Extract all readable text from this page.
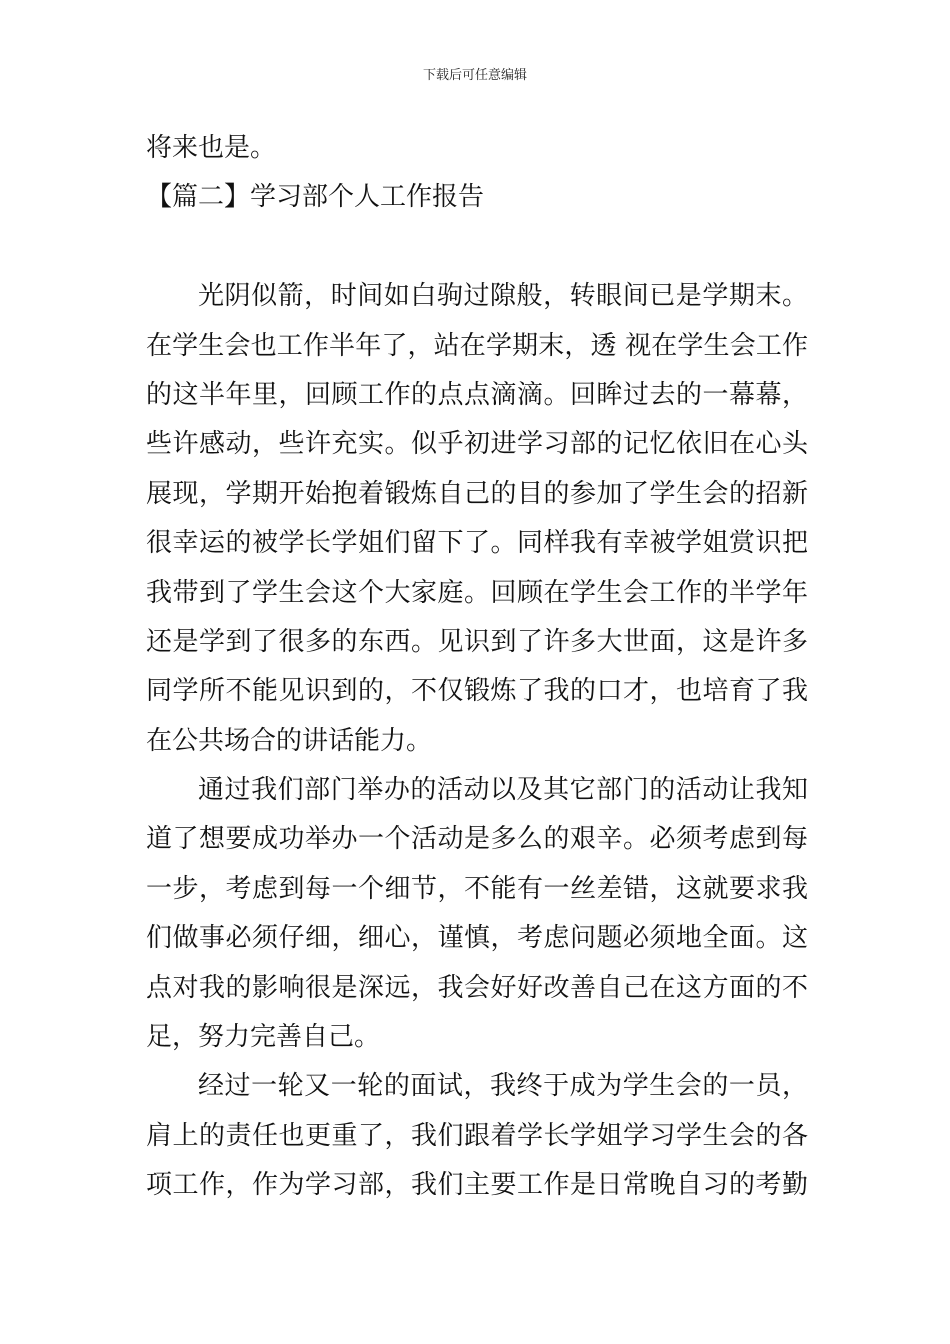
下载后可任意编辑
将来也是。
【篇二】学习部个人工作报告
光阴似箭，时间如白驹过隙般，转眼间已是学期末。
在学生会也工作半年了，站在学期末，透 视在学生会工作
的这半年里，回顾工作的点点滴滴。回眸过去的一幕幕，
些许感动，些许充实。似乎初进学习部的记忆依旧在心头
展现，学期开始抱着锻炼自己的目的参加了学生会的招新
很幸运的被学长学姐们留下了。同样我有幸被学姐赏识把
我带到了学生会这个大家庭。回顾在学生会工作的半学年
还是学到了很多的东西。见识到了许多大世面，这是许多
同学所不能见识到的，不仅锻炼了我的口才，也培育了我
在公共场合的讲话能力。
通过我们部门举办的活动以及其它部门的活动让我知
道了想要成功举办一个活动是多么的艰辛。必须考虑到每
一步，考虑到每一个细节，不能有一丝差错，这就要求我
们做事必须仔细，细心，谨慎，考虑问题必须地全面。这
点对我的影响很是深远，我会好好改善自己在这方面的不
足，努力完善自己。
经过一轮又一轮的面试，我终于成为学生会的一员，
肩上的责任也更重了，我们跟着学长学姐学习学生会的各
项工作，作为学习部，我们主要工作是日常晚自习的考勤
